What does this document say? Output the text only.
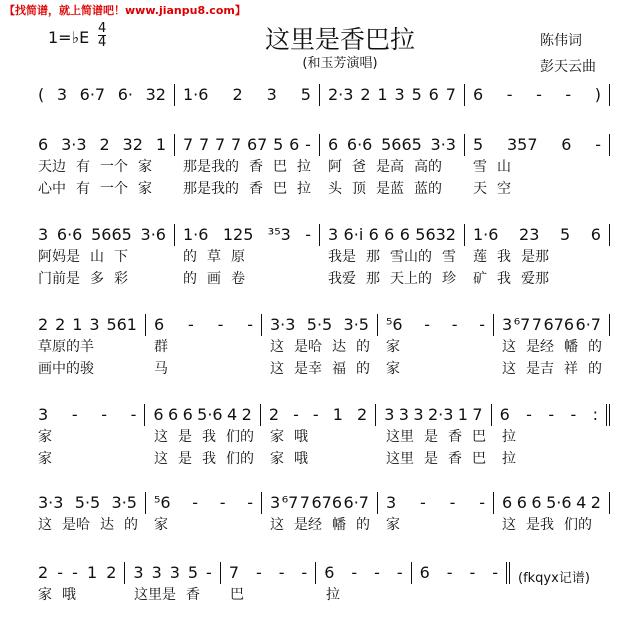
【找简谱，就上简谱吧！www.jianpu8.com】
1=♭E 4
4	这里是香巴拉
(和玉芳演唱)
陈伟词
彭天云曲
( 3 6·7 6· 32 1·6 2 3 5 2·3 2 1 3 5 6 7 6 - - - )
6 3·3 2 32 1 7 7 7 7 67 5 6 - 6 6·6 5665 3·3 5 357 6 -
天边 有 一个 家 那是我的 香 巴 拉 阿 爸 是高 高的 雪 山
心中 有 一个 家 那是我的 香 巴 拉 头 顶 是蓝 蓝的 天 空
3 6·6 5665 3·6 1·6 125 ³⁵3 - 3 6·i 6 6 6 5632 1·6 23 5 6
阿妈是 山 下	的 草 原	我是 那 雪山的 雪 莲 我 是那
门前是 多 彩	的 画 卷	我爱 那 天上的 珍 矿 我 爱那
2 2 1 3 561 6 - - - 3·3 5·5 3·5 ⁵6 - - - 3 ⁶7 7 676 6·7
草原的羊	群	这 是哈 达 的 家	这 是经 幡 的
画中的骏	马	这 是幸 福 的 家	这 是吉 祥 的
3 - - - 6 6 6 5·6 4 2 2 - - 1 2 3 3 3 2·3 1 7 6 - - - :
家	这 是 我 们的 家 哦	这里 是 香 巴 拉
家	这 是 我 们的 家 哦	这里 是 香 巴 拉
3·3 5·5 3·5 ⁵6 - - - 3 ⁶7 7 676 6·7 3 - - - 6 6 6 5·6 4 2
这 是哈 达 的 家	这 是经 幡 的 家	这 是我 们的
2 - - 1 2 3 3 3 5 - 7 - - - 6 - - - 6 - - -
家 哦	这里是 香 巴	拉
(fkqyx记谱)
